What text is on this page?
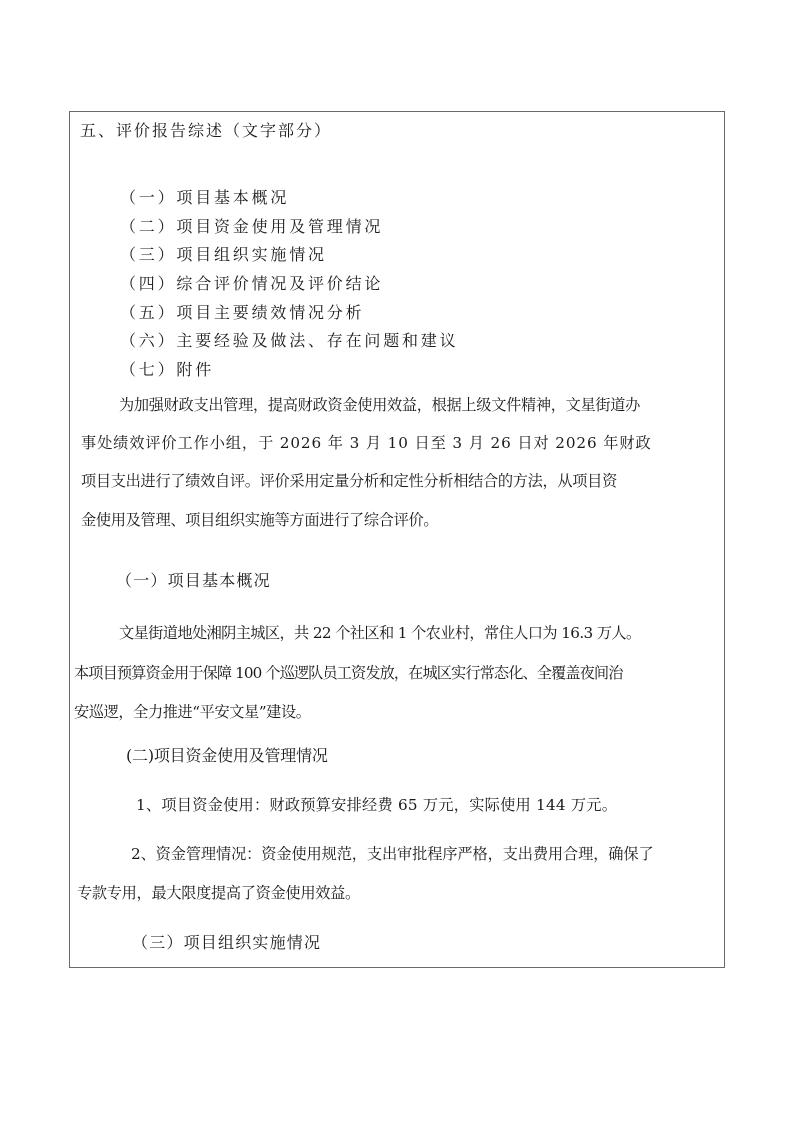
五、评价报告综述（文字部分）
（一）项目基本概况
（二）项目资金使用及管理情况
（三）项目组织实施情况
（四）综合评价情况及评价结论
（五）项目主要绩效情况分析
（六）主要经验及做法、存在问题和建议
（七）附件
为加强财政支出管理，提高财政资金使用效益，根据上级文件精神，文星街道办
事处绩效评价工作小组，于 2026 年 3 月 10 日至 3 月 26 日对 2026 年财政
项目支出进行了绩效自评。评价采用定量分析和定性分析相结合的方法，从项目资
金使用及管理、项目组织实施等方面进行了综合评价。
（一）项目基本概况
文星街道地处湘阴主城区，共 22 个社区和 1 个农业村，常住人口为 16.3 万人。
本项目预算资金用于保障 100 个巡逻队员工资发放，在城区实行常态化、全覆盖夜间治
安巡逻，全力推进“平安文星”建设。
(二)项目资金使用及管理情况
1、项目资金使用：财政预算安排经费 65 万元，实际使用 144 万元。
2、资金管理情况：资金使用规范，支出审批程序严格，支出费用合理，确保了
专款专用，最大限度提高了资金使用效益。
（三）项目组织实施情况
